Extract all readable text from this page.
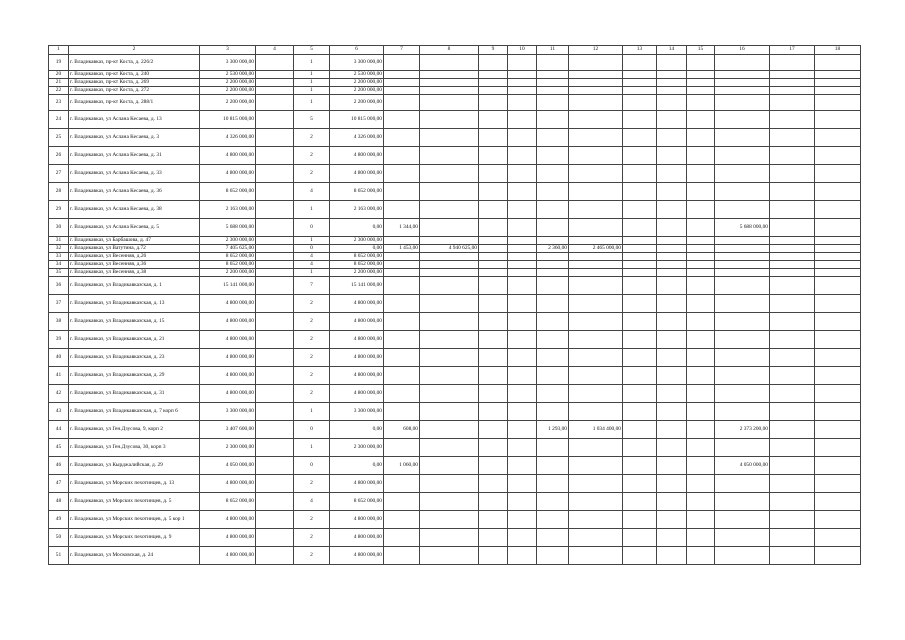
1	2	3	4	5	6	7	8	9	10	11	12	13	14	15	16	17	18
19	г. Владикавказ, пр-кт Коста, д. 226/2	3 300 000,00		1	3 300 000,00												
20	г. Владикавказ, пр-кт Коста, д. 240	2 530 000,00		1	2 530 000,00												
21	г. Владикавказ, пр-кт Коста, д. 269	2 200 000,00		1	2 200 000,00												
22	г. Владикавказ, пр-кт Коста, д. 272	2 200 000,00		1	2 200 000,00												
23	г. Владикавказ, пр-кт Коста, д. 288/1	2 200 000,00		1	2 200 000,00												
24	г. Владикавказ, ул Асланa Кесаева, д. 13	10 815 000,00		5	10 815 000,00												
25	г. Владикавказ, ул Асланa Кесаева, д. 3	4 326 000,00		2	4 326 000,00												
26	г. Владикавказ, ул Асланa Кесаева, д. 31	4 800 000,00		2	4 800 000,00												
27	г. Владикавказ, ул Асланa Кесаева, д. 33	4 800 000,00		2	4 800 000,00												
28	г. Владикавказ, ул Асланa Кесаева, д. 36	8 652 000,00		4	8 652 000,00												
29	г. Владикавказ, ул Асланa Кесаева, д. 38	2 163 000,00		1	2 163 000,00												
30	г. Владикавказ, ул Асланa Кесаева, д. 5	5 688 000,00		0	0,00	1 344,00									5 688 000,00		
31	г. Владикавказ, ул Барбашова, д. 47	2 300 000,00		1	2 300 000,00												
32	г. Владикавказ, ул Ватутина, д.72	7 405 625,00		0	0,00	1 453,00	4 940 625,00			2 360,00	2 465 000,00						
33	г. Владикавказ, ул Весенняя, д.26	8 652 000,00		4	8 652 000,00												
34	г. Владикавказ, ул Весенняя, д.36	8 652 000,00		4	8 652 000,00												
35	г. Владикавказ, ул Весенняя, д.38	2 200 000,00		1	2 200 000,00												
36	г. Владикавказ, ул Владикавказская, д. 1	15 141 000,00		7	15 141 000,00												
37	г. Владикавказ, ул Владикавказская, д. 13	4 800 000,00		2	4 800 000,00												
38	г. Владикавказ, ул Владикавказская, д. 15	4 800 000,00		2	4 800 000,00												
39	г. Владикавказ, ул Владикавказская, д. 21	4 800 000,00		2	4 800 000,00												
40	г. Владикавказ, ул Владикавказская, д. 23	4 800 000,00		2	4 800 000,00												
41	г. Владикавказ, ул Владикавказская, д. 29	4 800 000,00		2	4 800 000,00												
42	г. Владикавказ, ул Владикавказская, д. 31	4 800 000,00		2	4 800 000,00												
43	г. Владикавказ, ул Владикавказская, д. 7 корп 6	3 300 000,00		1	3 300 000,00												
44	г. Владикавказ, ул Ген.Дзусова, 9, корп 2	3 407 600,00		0	0,00	608,00				1 293,00	1 034 400,00				2 373 200,00		
45	г. Владикавказ, ул Ген.Дзусова, 30, корп 3	2 300 000,00		1	2 300 000,00												
46	г. Владикавказ, ул Кырджалийская, д. 29	4 050 000,00		0	0,00	1 060,00									4 050 000,00		
47	г. Владикавказ, ул Морских пехотинцев, д. 13	4 800 000,00		2	4 800 000,00												
48	г. Владикавказ, ул Морских пехотинцев, д. 5	8 652 000,00		4	8 652 000,00												
49	г. Владикавказ, ул Морских пехотинцев, д. 5 кор 1	4 800 000,00		2	4 800 000,00												
50	г. Владикавказ, ул Морских пехотинцев, д. 9	4 800 000,00		2	4 800 000,00												
51	г. Владикавказ, ул Московская, д. 24	4 800 000,00		2	4 800 000,00												
